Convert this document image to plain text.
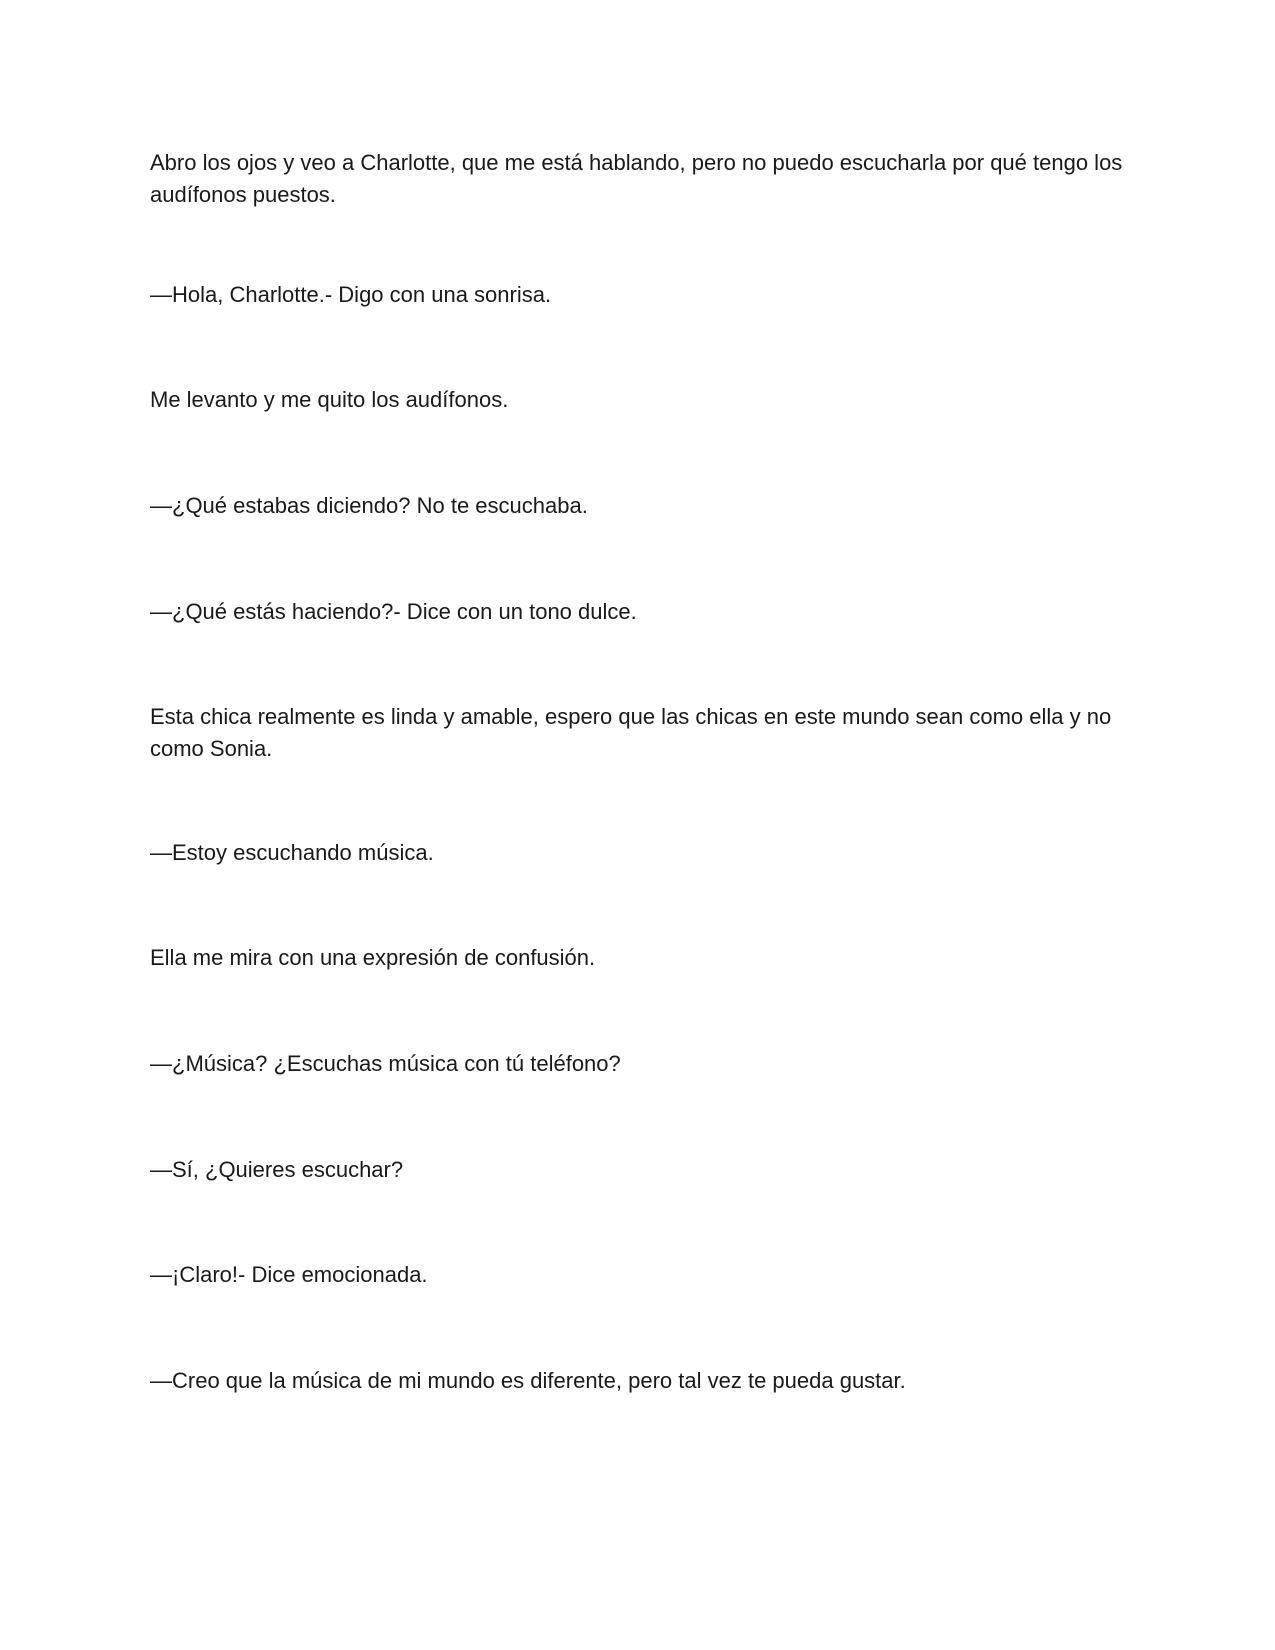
Abro los ojos y veo a Charlotte, que me está hablando, pero no puedo escucharla por qué tengo los audífonos puestos.

—Hola, Charlotte.- Digo con una sonrisa.

Me levanto y me quito los audífonos.

—¿Qué estabas diciendo? No te escuchaba.

—¿Qué estás haciendo?- Dice con un tono dulce.

Esta chica realmente es linda y amable, espero que las chicas en este mundo sean como ella y no como Sonia.

—Estoy escuchando música.

Ella me mira con una expresión de confusión.

—¿Música? ¿Escuchas música con tú teléfono?

—Sí, ¿Quieres escuchar?

—¡Claro!- Dice emocionada.

—Creo que la música de mi mundo es diferente, pero tal vez te pueda gustar.
